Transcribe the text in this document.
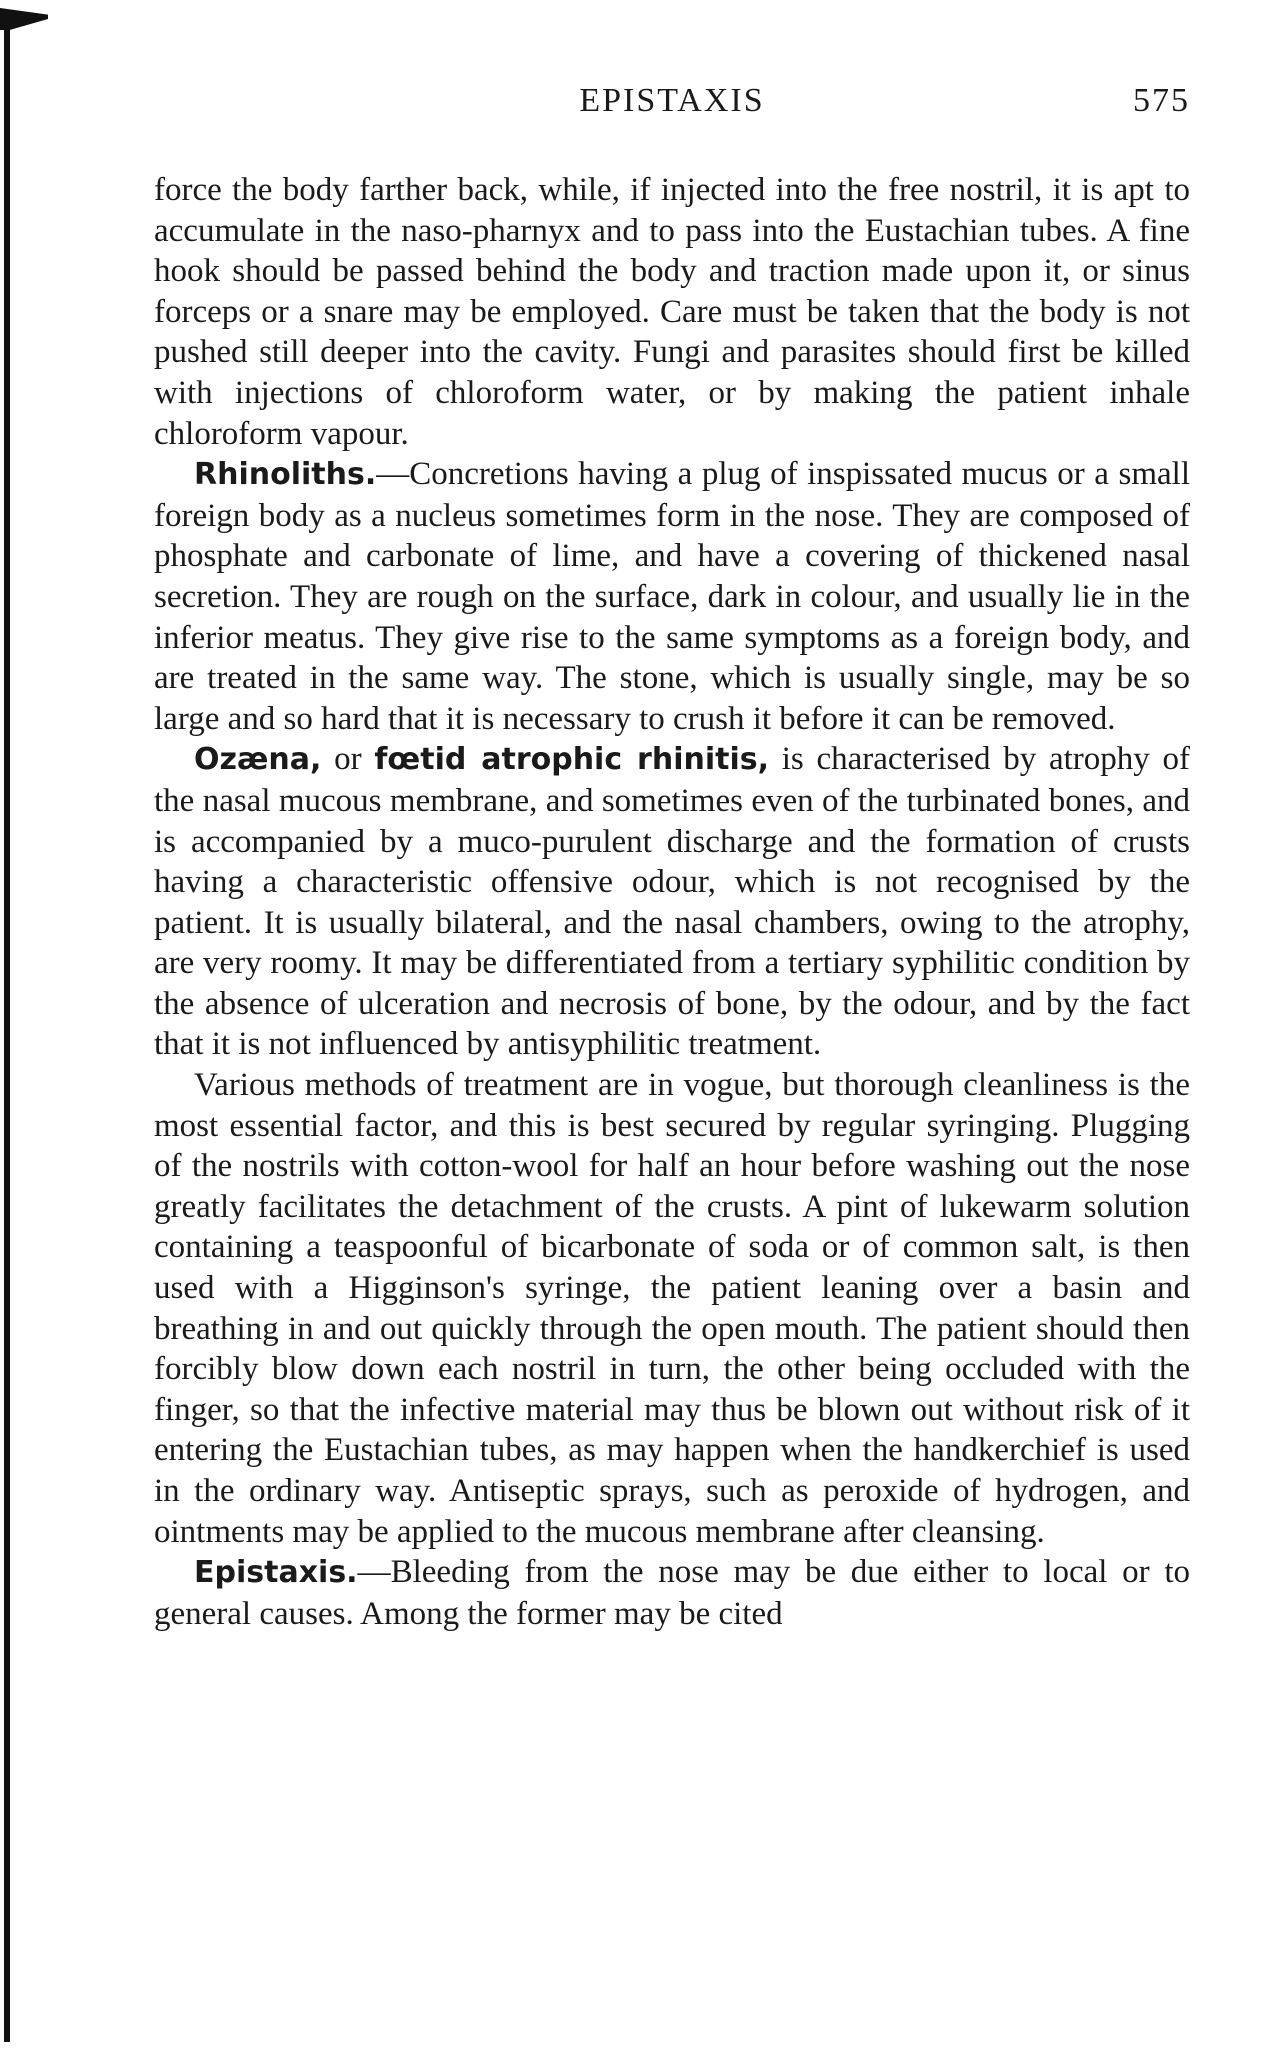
EPISTAXIS	575

force the body farther back, while, if injected into the free nostril, it is apt to accumulate in the naso-pharnyx and to pass into the Eustachian tubes. A fine hook should be passed behind the body and traction made upon it, or sinus forceps or a snare may be employed. Care must be taken that the body is not pushed still deeper into the cavity. Fungi and parasites should first be killed with injections of chloroform water, or by making the patient inhale chloroform vapour.

Rhinoliths.—Concretions having a plug of inspissated mucus or a small foreign body as a nucleus sometimes form in the nose. They are composed of phosphate and carbonate of lime, and have a covering of thickened nasal secretion. They are rough on the surface, dark in colour, and usually lie in the inferior meatus. They give rise to the same symptoms as a foreign body, and are treated in the same way. The stone, which is usually single, may be so large and so hard that it is necessary to crush it before it can be removed.

Ozæna, or fœtid atrophic rhinitis, is characterised by atrophy of the nasal mucous membrane, and sometimes even of the turbinated bones, and is accompanied by a muco-purulent discharge and the formation of crusts having a characteristic offensive odour, which is not recognised by the patient. It is usually bilateral, and the nasal chambers, owing to the atrophy, are very roomy. It may be differentiated from a tertiary syphilitic condition by the absence of ulceration and necrosis of bone, by the odour, and by the fact that it is not influenced by antisyphilitic treatment.

Various methods of treatment are in vogue, but thorough cleanliness is the most essential factor, and this is best secured by regular syringing. Plugging of the nostrils with cotton-wool for half an hour before washing out the nose greatly facilitates the detachment of the crusts. A pint of lukewarm solution containing a teaspoonful of bicarbonate of soda or of common salt, is then used with a Higginson's syringe, the patient leaning over a basin and breathing in and out quickly through the open mouth. The patient should then forcibly blow down each nostril in turn, the other being occluded with the finger, so that the infective material may thus be blown out without risk of it entering the Eustachian tubes, as may happen when the handkerchief is used in the ordinary way. Antiseptic sprays, such as peroxide of hydrogen, and ointments may be applied to the mucous membrane after cleansing.

Epistaxis.—Bleeding from the nose may be due either to local or to general causes. Among the former may be cited
